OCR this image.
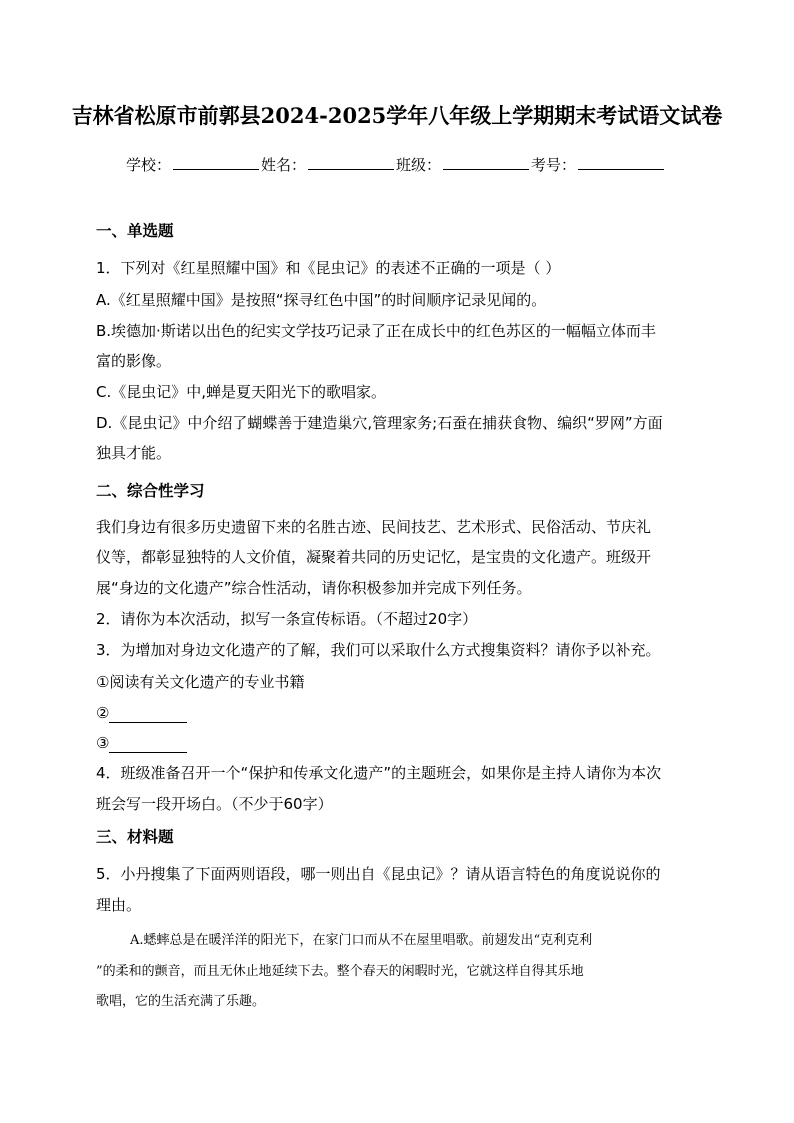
吉林省松原市前郭县2024-2025学年八年级上学期期末考试语文试卷
学校：	姓名：	班级：	考号：
一、单选题
1．下列对《红星照耀中国》和《昆虫记》的表述不正确的一项是（ ）
A.《红星照耀中国》是按照“探寻红色中国”的时间顺序记录见闻的。
B.埃德加·斯诺以出色的纪实文学技巧记录了正在成长中的红色苏区的一幅幅立体而丰
富的影像。
C.《昆虫记》中,蝉是夏天阳光下的歌唱家。
D.《昆虫记》中介绍了蝴蝶善于建造巢穴,管理家务;石蚕在捕获食物、编织“罗网”方面
独具才能。
二、综合性学习
我们身边有很多历史遗留下来的名胜古迹、民间技艺、艺术形式、民俗活动、节庆礼
仪等，都彰显独特的人文价值，凝聚着共同的历史记忆，是宝贵的文化遗产。班级开
展“身边的文化遗产”综合性活动，请你积极参加并完成下列任务。
2．请你为本次活动，拟写一条宣传标语。（不超过20字）
3．为增加对身边文化遗产的了解，我们可以采取什么方式搜集资料？请你予以补充。
①阅读有关文化遗产的专业书籍
②
③
4．班级准备召开一个“保护和传承文化遗产”的主题班会，如果你是主持人请你为本次
班会写一段开场白。（不少于60字）
三、材料题
5．小丹搜集了下面两则语段，哪一则出自《昆虫记》？请从语言特色的角度说说你的
理由。
A.蟋蟀总是在暖洋洋的阳光下，在家门口而从不在屋里唱歌。前翅发出“克利克利
”的柔和的颤音，而且无休止地延续下去。整个春天的闲暇时光，它就这样自得其乐地
歌唱，它的生活充满了乐趣。
